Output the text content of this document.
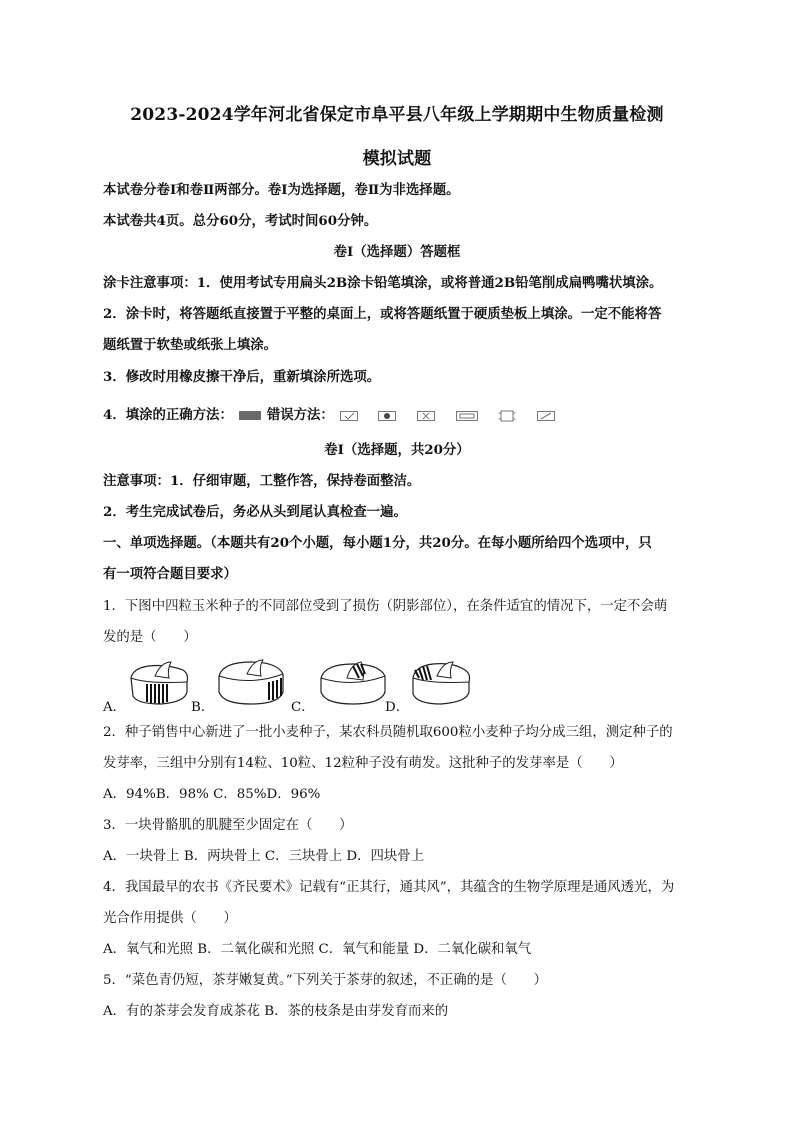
2023-2024学年河北省保定市阜平县八年级上学期期中生物质量检测
模拟试题
本试卷分卷Ⅰ和卷Ⅱ两部分。卷Ⅰ为选择题，卷Ⅱ为非选择题。
本试卷共4页。总分60分，考试时间60分钟。
卷Ⅰ（选择题）答题框
涂卡注意事项：1．使用考试专用扁头2B涂卡铅笔填涂，或将普通2B铅笔削成扁鸭嘴状填涂。
2．涂卡时，将答题纸直接置于平整的桌面上，或将答题纸置于硬质垫板上填涂。一定不能将答
题纸置于软垫或纸张上填涂。
3．修改时用橡皮擦干净后，重新填涂所选项。
4．填涂的正确方法：	错误方法：
卷Ⅰ（选择题，共20分）
注意事项：1．仔细审题，工整作答，保持卷面整洁。
2．考生完成试卷后，务必从头到尾认真检查一遍。
一、单项选择题。（本题共有20个小题，每小题1分，共20分。在每小题所给四个选项中，只
有一项符合题目要求）
1．下图中四粒玉米种子的不同部位受到了损伤（阴影部位），在条件适宜的情况下，一定不会萌
发的是（　　）
A．	B．	C．	D．
2．种子销售中心新进了一批小麦种子，某农科员随机取600粒小麦种子均分成三组，测定种子的
发芽率，三组中分别有14粒、10粒、12粒种子没有萌发。这批种子的发芽率是（　　）
A．94%B．98% C．85%D．96%
3．一块骨骼肌的肌腱至少固定在（　　）
A．一块骨上 B．两块骨上 C．三块骨上 D．四块骨上
4．我国最早的农书《齐民要术》记载有“正其行，通其风”，其蕴含的生物学原理是通风透光，为
光合作用提供（　　）
A．氧气和光照 B．二氧化碳和光照 C．氧气和能量 D．二氧化碳和氧气
5．“菜色青仍短，茶芽嫩复黄。”下列关于茶芽的叙述，不正确的是（　　）
A．有的茶芽会发育成茶花 B．茶的枝条是由芽发育而来的
